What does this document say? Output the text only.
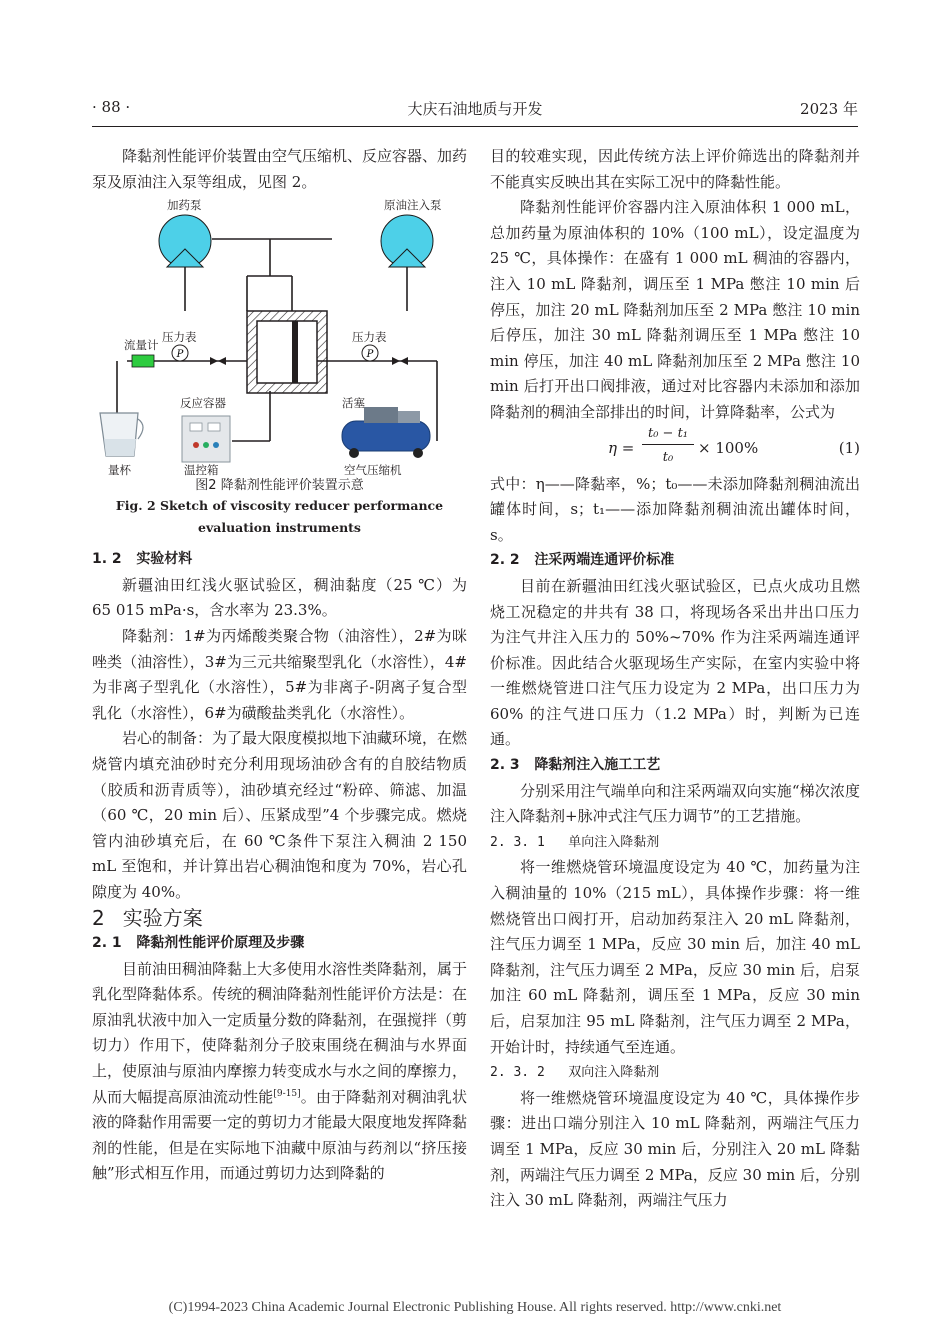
· 88 ·	大庆石油地质与开发	2023 年

降黏剂性能评价装置由空气压缩机、反应容器、加药泵及原油注入泵等组成，见图 2。

P	P
加药泵	原油注入泵
压力表	压力表
流量计
反应容器	活塞
量杯	温控箱	空气压缩机

图2 降黏剂性能评价装置示意

Fig. 2 Sketch of viscosity reducer performance

evaluation instruments

1. 2 实验材料

新疆油田红浅火驱试验区，稠油黏度（25 ℃）为 65 015 mPa·s，含水率为 23.3%。

降黏剂：1#为丙烯酸类聚合物（油溶性），2#为咪唑类（油溶性），3#为三元共缩聚型乳化（水溶性），4#为非离子型乳化（水溶性），5#为非离子-阴离子复合型乳化（水溶性），6#为磺酸盐类乳化（水溶性）。

岩心的制备：为了最大限度模拟地下油藏环境，在燃烧管内填充油砂时充分利用现场油砂含有的自胶结物质（胶质和沥青质等），油砂填充经过“粉碎、筛滤、加温（60 ℃，20 min 后）、压紧成型”4 个步骤完成。燃烧管内油砂填充后，在 60 ℃条件下泵注入稠油 2 150 mL 至饱和，并计算出岩心稠油饱和度为 70%，岩心孔隙度为 40%。

2 实验方案

2. 1 降黏剂性能评价原理及步骤

目前油田稠油降黏上大多使用水溶性类降黏剂，属于乳化型降黏体系。传统的稠油降黏剂性能评价方法是：在原油乳状液中加入一定质量分数的降黏剂，在强搅拌（剪切力）作用下，使降黏剂分子胶束围绕在稠油与水界面上，使原油与原油内摩擦力转变成水与水之间的摩擦力，从而大幅提高原油流动性能[9-15]。由于降黏剂对稠油乳状液的降黏作用需要一定的剪切力才能最大限度地发挥降黏剂的性能，但是在实际地下油藏中原油与药剂以“挤压接触”形式相互作用，而通过剪切力达到降黏的

目的较难实现，因此传统方法上评价筛选出的降黏剂并不能真实反映出其在实际工况中的降黏性能。

降黏剂性能评价容器内注入原油体积 1 000 mL，总加药量为原油体积的 10%（100 mL），设定温度为 25 ℃，具体操作：在盛有 1 000 mL 稠油的容器内，注入 10 mL 降黏剂，调压至 1 MPa 憋注 10 min 后停压，加注 20 mL 降黏剂加压至 2 MPa 憋注 10 min 后停压，加注 30 mL 降黏剂调压至 1 MPa 憋注 10 min 停压，加注 40 mL 降黏剂加压至 2 MPa 憋注 10 min 后打开出口阀排液，通过对比容器内未添加和添加降黏剂的稠油全部排出的时间，计算降黏率，公式为

η =
t₀ − t₁
t₀
× 100%	(1)

式中：η——降黏率，%；t₀——未添加降黏剂稠油流出罐体时间，s；t₁——添加降黏剂稠油流出罐体时间，s。

2. 2 注采两端连通评价标准

目前在新疆油田红浅火驱试验区，已点火成功且燃烧工况稳定的井共有 38 口，将现场各采出井出口压力为注气井注入压力的 50%~70% 作为注采两端连通评价标准。因此结合火驱现场生产实际，在室内实验中将一维燃烧管进口注气压力设定为 2 MPa，出口压力为 60% 的注气进口压力（1.2 MPa）时，判断为已连通。

2. 3 降黏剂注入施工工艺

分别采用注气端单向和注采两端双向实施“梯次浓度注入降黏剂+脉冲式注气压力调节”的工艺措施。

2. 3. 1 单向注入降黏剂

将一维燃烧管环境温度设定为 40 ℃，加药量为注入稠油量的 10%（215 mL），具体操作步骤：将一维燃烧管出口阀打开，启动加药泵注入 20 mL 降黏剂，注气压力调至 1 MPa，反应 30 min 后，加注 40 mL 降黏剂，注气压力调至 2 MPa，反应 30 min 后，启泵加注 60 mL 降黏剂，调压至 1 MPa，反应 30 min 后，启泵加注 95 mL 降黏剂，注气压力调至 2 MPa，开始计时，持续通气至连通。

2. 3. 2 双向注入降黏剂

将一维燃烧管环境温度设定为 40 ℃，具体操作步骤：进出口端分别注入 10 mL 降黏剂，两端注气压力调至 1 MPa，反应 30 min 后，分别注入 20 mL 降黏剂，两端注气压力调至 2 MPa，反应 30 min 后，分别注入 30 mL 降黏剂，两端注气压力

(C)1994-2023 China Academic Journal Electronic Publishing House. All rights reserved. http://www.cnki.net
